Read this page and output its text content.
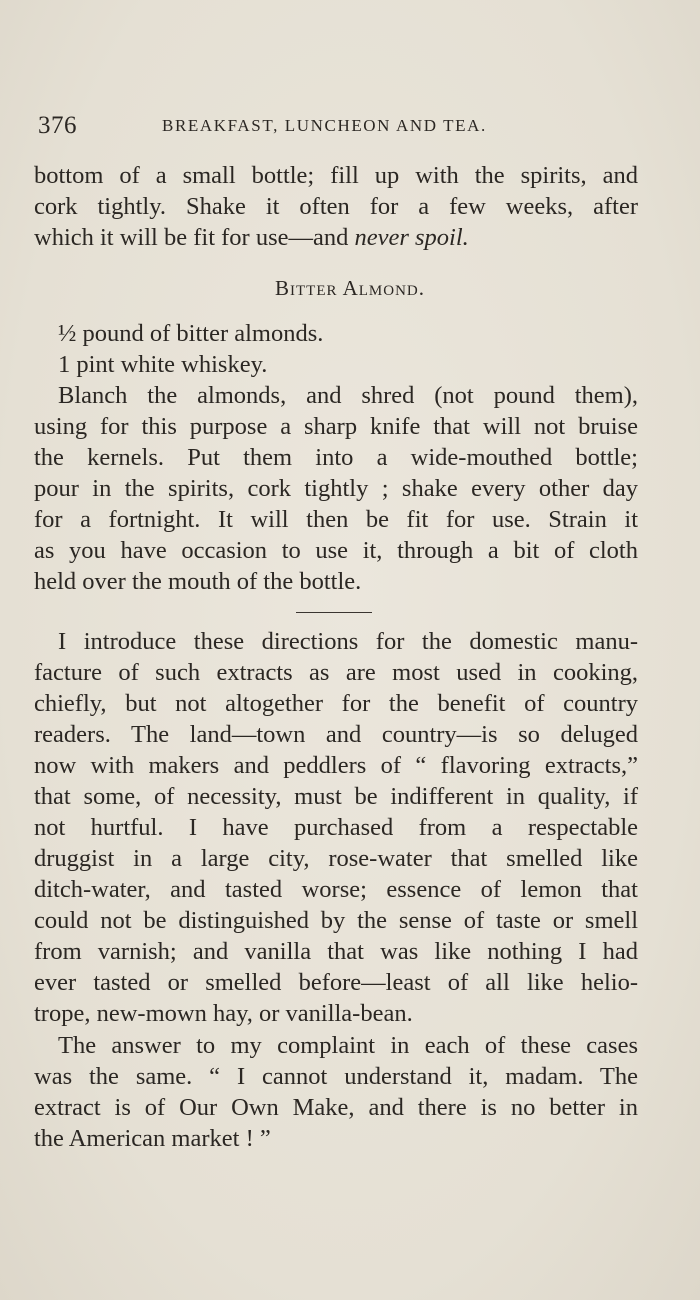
376	BREAKFAST, LUNCHEON AND TEA.
bottom of a small bottle; fill up with the spirits, and
cork tightly. Shake it often for a few weeks, after
which it will be fit for use—and never spoil.
Bitter Almond.
½ pound of bitter almonds.
1 pint white whiskey.
Blanch the almonds, and shred (not pound them),
using for this purpose a sharp knife that will not bruise
the kernels. Put them into a wide-mouthed bottle;
pour in the spirits, cork tightly ; shake every other day
for a fortnight. It will then be fit for use. Strain it
as you have occasion to use it, through a bit of cloth
held over the mouth of the bottle.
I introduce these directions for the domestic manu-
facture of such extracts as are most used in cooking,
chiefly, but not altogether for the benefit of country
readers. The land—town and country—is so deluged
now with makers and peddlers of “ flavoring extracts,”
that some, of necessity, must be indifferent in quality, if
not hurtful. I have purchased from a respectable
druggist in a large city, rose-water that smelled like
ditch-water, and tasted worse; essence of lemon that
could not be distinguished by the sense of taste or smell
from varnish; and vanilla that was like nothing I had
ever tasted or smelled before—least of all like helio-
trope, new-mown hay, or vanilla-bean.
The answer to my complaint in each of these cases
was the same. “ I cannot understand it, madam. The
extract is of Our Own Make, and there is no better in
the American market ! ”
